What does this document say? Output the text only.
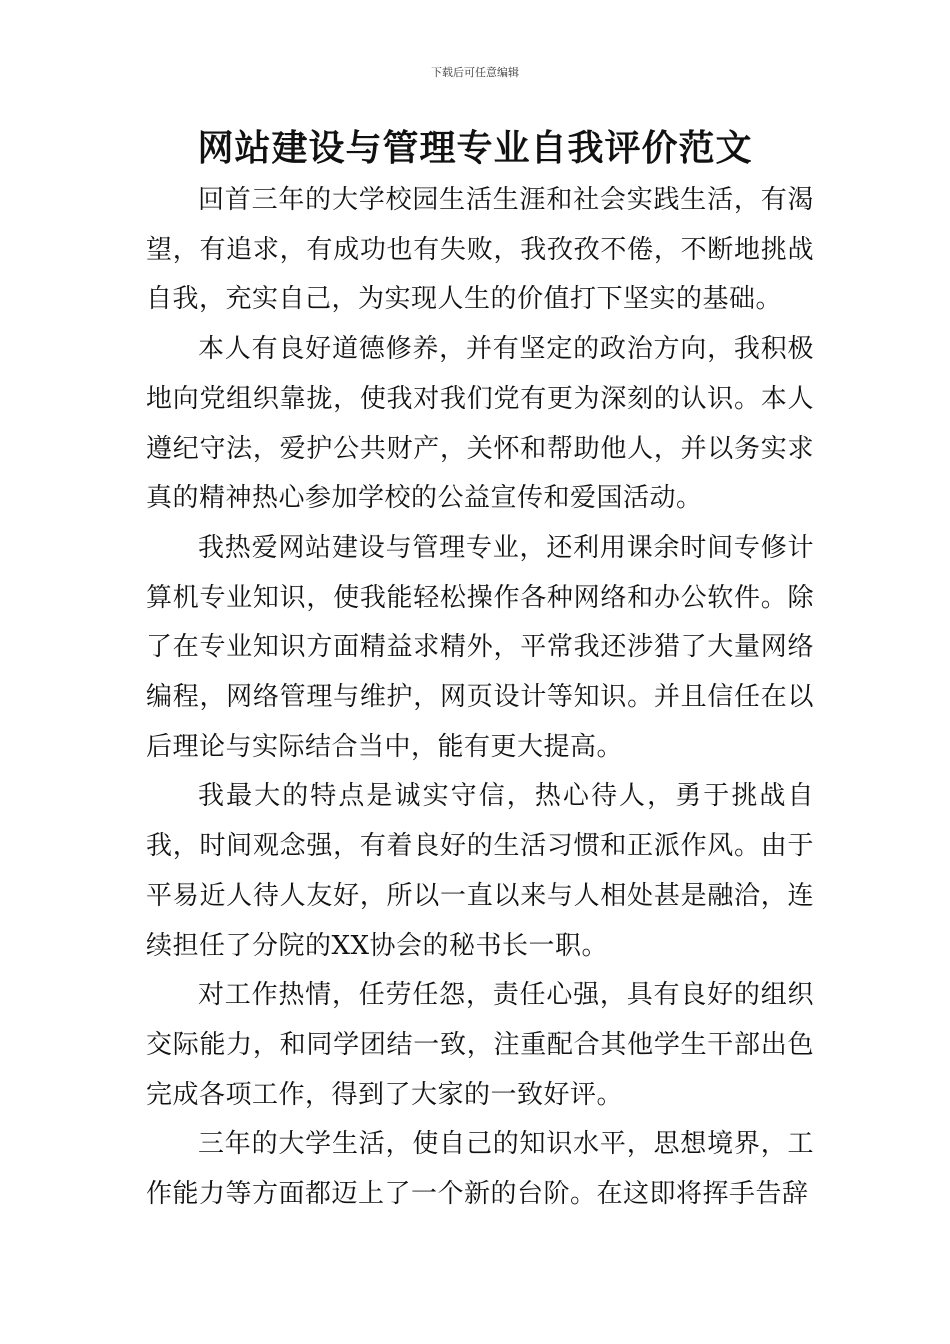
下载后可任意编辑
网站建设与管理专业自我评价范文

回首三年的大学校园生活生涯和社会实践生活，有渴望，有追求，有成功也有失败，我孜孜不倦，不断地挑战自我，充实自己，为实现人生的价值打下坚实的基础。

本人有良好道德修养，并有坚定的政治方向，我积极地向党组织靠拢，使我对我们党有更为深刻的认识。本人遵纪守法，爱护公共财产，关怀和帮助他人，并以务实求真的精神热心参加学校的公益宣传和爱国活动。

我热爱网站建设与管理专业，还利用课余时间专修计算机专业知识，使我能轻松操作各种网络和办公软件。除了在专业知识方面精益求精外，平常我还涉猎了大量网络编程，网络管理与维护，网页设计等知识。并且信任在以后理论与实际结合当中，能有更大提高。

我最大的特点是诚实守信，热心待人，勇于挑战自我，时间观念强，有着良好的生活习惯和正派作风。由于平易近人待人友好，所以一直以来与人相处甚是融洽，连续担任了分院的XX协会的秘书长一职。

对工作热情，任劳任怨，责任心强，具有良好的组织交际能力，和同学团结一致，注重配合其他学生干部出色完成各项工作，得到了大家的一致好评。

三年的大学生活，使自己的知识水平，思想境界，工作能力等方面都迈上了一个新的台阶。在这即将挥手告辞
